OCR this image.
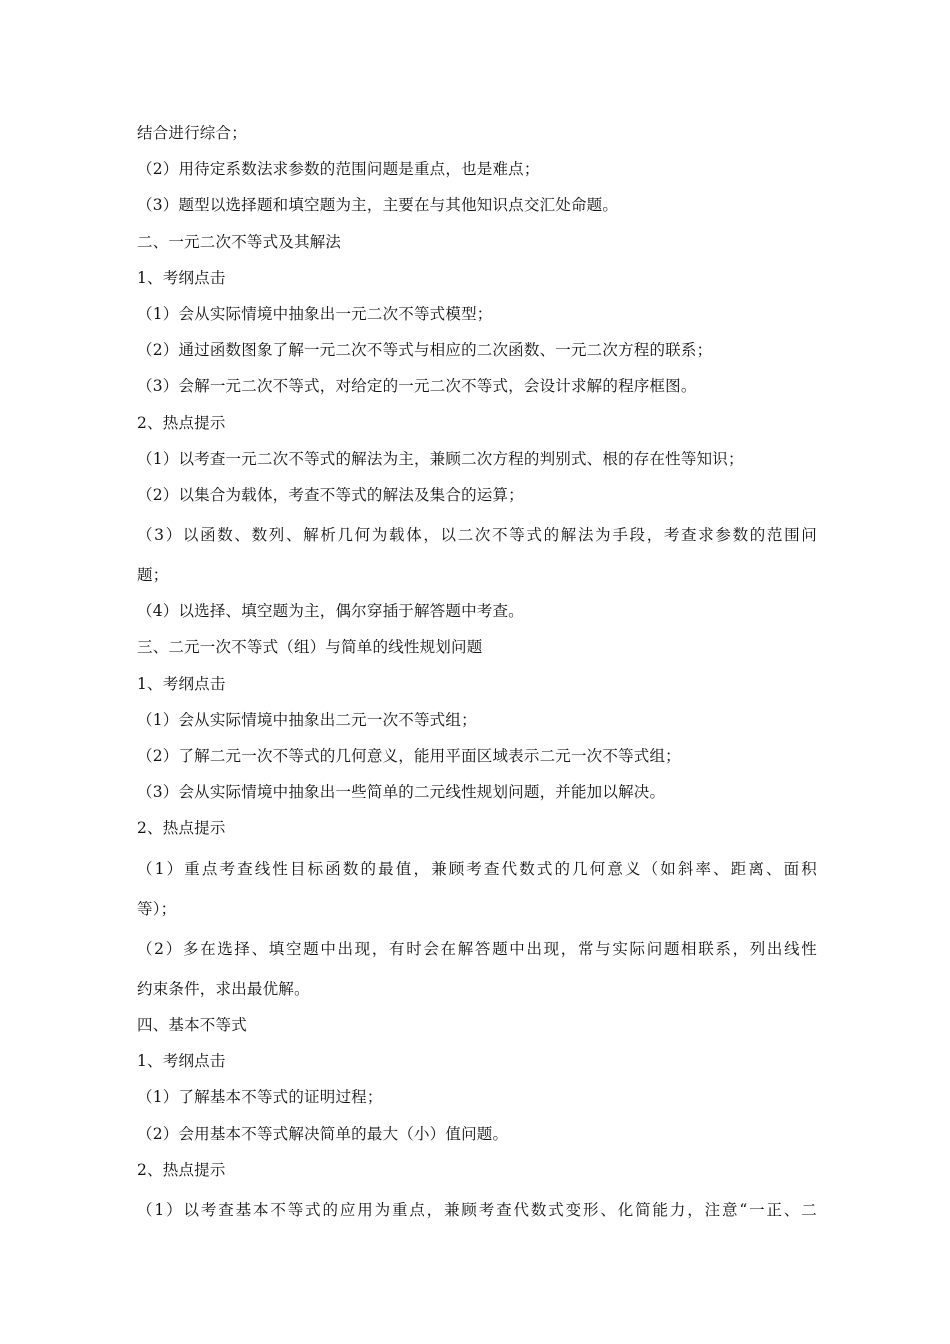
结合进行综合；
（2）用待定系数法求参数的范围问题是重点，也是难点；
（3）题型以选择题和填空题为主，主要在与其他知识点交汇处命题。
二、一元二次不等式及其解法
1、考纲点击
（1）会从实际情境中抽象出一元二次不等式模型；
（2）通过函数图象了解一元二次不等式与相应的二次函数、一元二次方程的联系；
（3）会解一元二次不等式，对给定的一元二次不等式，会设计求解的程序框图。
2、热点提示
（1）以考查一元二次不等式的解法为主，兼顾二次方程的判别式、根的存在性等知识；
（2）以集合为载体，考查不等式的解法及集合的运算；
（3）以函数、数列、解析几何为载体，以二次不等式的解法为手段，考查求参数的范围问
题；
（4）以选择、填空题为主，偶尔穿插于解答题中考查。
三、二元一次不等式（组）与简单的线性规划问题
1、考纲点击
（1）会从实际情境中抽象出二元一次不等式组；
（2）了解二元一次不等式的几何意义，能用平面区域表示二元一次不等式组；
（3）会从实际情境中抽象出一些简单的二元线性规划问题，并能加以解决。
2、热点提示
（1）重点考查线性目标函数的最值，兼顾考查代数式的几何意义（如斜率、距离、面积
等）；
（2）多在选择、填空题中出现，有时会在解答题中出现，常与实际问题相联系，列出线性
约束条件，求出最优解。
四、基本不等式
1、考纲点击
（1）了解基本不等式的证明过程；
（2）会用基本不等式解决简单的最大（小）值问题。
2、热点提示
（1）以考查基本不等式的应用为重点，兼顾考查代数式变形、化简能力，注意“一正、二
